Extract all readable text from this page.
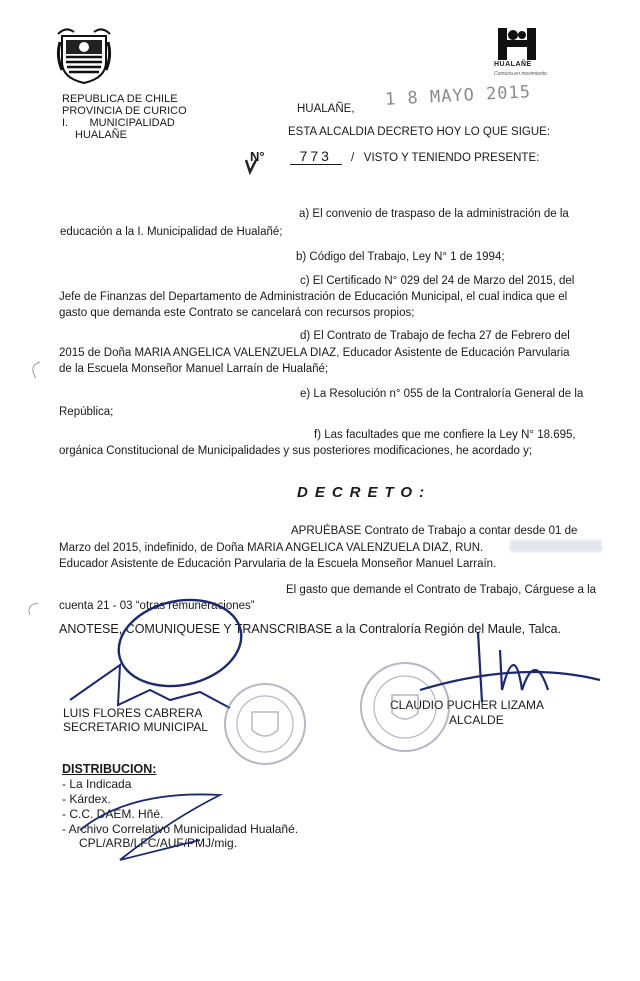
REPUBLICA DE CHILE
PROVINCIA DE CURICO
I.       MUNICIPALIDAD
HUALAÑE
HUALAÑE
Comuna en movimiento
HUALAÑE, 1 8 MAYO 2015
ESTA ALCALDIA DECRETO HOY LO QUE SIGUE:
N°	773 /   VISTO Y TENIENDO PRESENTE:
a) El convenio de traspaso de la administración de la
educación a la I. Municipalidad de Hualañé;
b) Código del Trabajo, Ley N° 1 de 1994;
c) El Certificado N° 029 del 24 de Marzo del 2015, del
Jefe de Finanzas del Departamento de Administración de Educación Municipal, el cual indica que el
gasto que demanda este Contrato se cancelará con recursos propios;
d) El Contrato de Trabajo de fecha 27 de Febrero del
2015 de Doña MARIA ANGELICA VALENZUELA DIAZ, Educador Asistente de Educación Parvularia
de la Escuela Monseñor Manuel Larraín de Hualañé;
e) La Resolución n° 055 de la Contraloría General de la
República;
f) Las facultades que me confiere la Ley N° 18.695,
orgánica Constitucional de Municipalidades y sus posteriores modificaciones, he acordado y;
DECRETO:
APRUÉBASE Contrato de Trabajo a contar desde 01 de
Marzo del 2015, indefinido, de Doña MARIA ANGELICA VALENZUELA DIAZ, RUN.
Educador Asistente de Educación Parvularia de la Escuela Monseñor Manuel Larraín.
El gasto que demande el Contrato de Trabajo, Cárguese a la
cuenta 21 - 03 “otras remuneraciones”
ANOTESE, COMUNIQUESE Y TRANSCRIBASE a la Contraloría Región del Maule, Talca.
LUIS FLORES CABRERA
SECRETARIO MUNICIPAL
CLAUDIO PUCHER LIZAMA
ALCALDE
DISTRIBUCION:
- La Indicada
- Kárdex.
- C.C. DAEM. Hñé.
- Archivo Correlativo Municipalidad Hualañé.
CPL/ARB/LFC/AUF/PMJ/mig.
